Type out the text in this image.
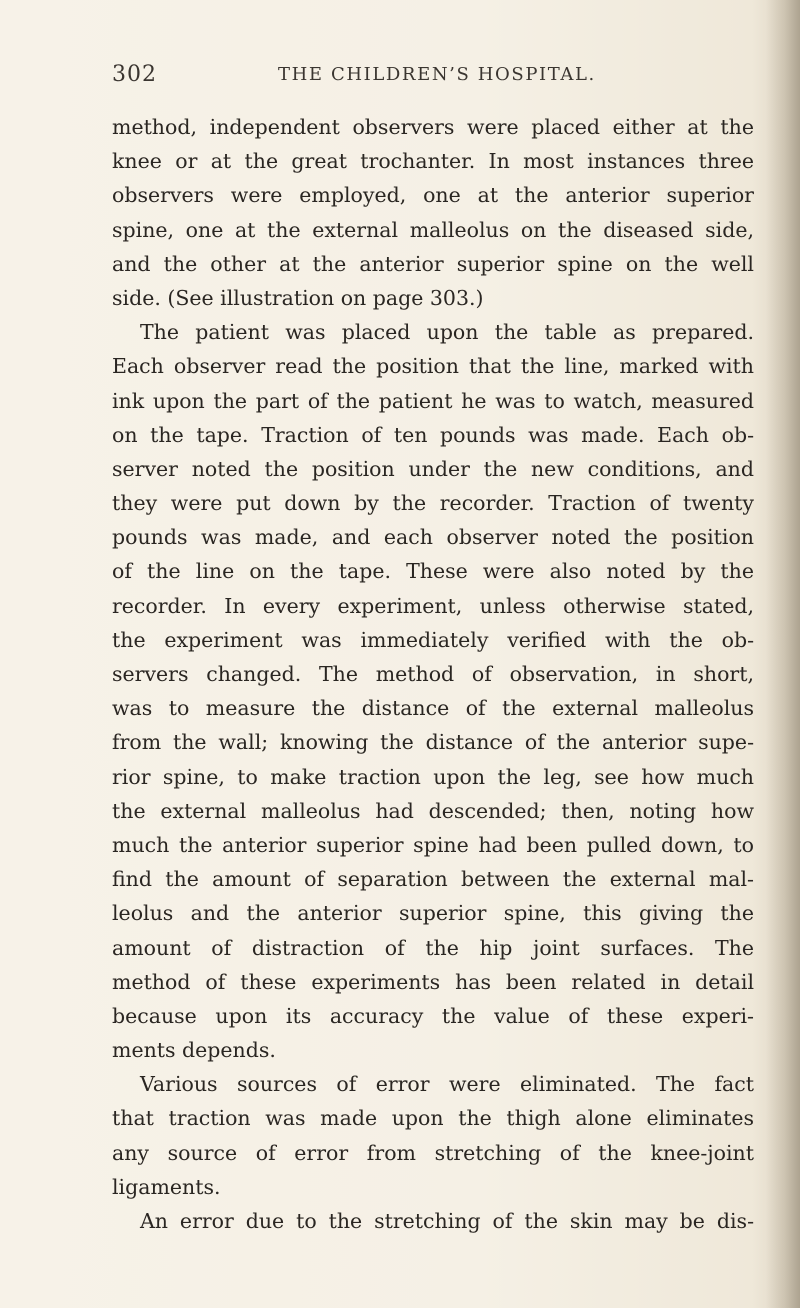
302	THE CHILDREN’S HOSPITAL.
method, independent observers were placed either at the
knee or at the great trochanter. In most instances three
observers were employed, one at the anterior superior
spine, one at the external malleolus on the diseased side,
and the other at the anterior superior spine on the well
side. (See illustration on page 303.)
The patient was placed upon the table as prepared.
Each observer read the position that the line, marked with
ink upon the part of the patient he was to watch, measured
on the tape. Traction of ten pounds was made. Each ob-
server noted the position under the new conditions, and
they were put down by the recorder. Traction of twenty
pounds was made, and each observer noted the position
of the line on the tape. These were also noted by the
recorder. In every experiment, unless otherwise stated,
the experiment was immediately verified with the ob-
servers changed. The method of observation, in short,
was to measure the distance of the external malleolus
from the wall; knowing the distance of the anterior supe-
rior spine, to make traction upon the leg, see how much
the external malleolus had descended; then, noting how
much the anterior superior spine had been pulled down, to
find the amount of separation between the external mal-
leolus and the anterior superior spine, this giving the
amount of distraction of the hip joint surfaces. The
method of these experiments has been related in detail
because upon its accuracy the value of these experi-
ments depends.
Various sources of error were eliminated. The fact
that traction was made upon the thigh alone eliminates
any source of error from stretching of the knee-joint
ligaments.
An error due to the stretching of the skin may be dis-
